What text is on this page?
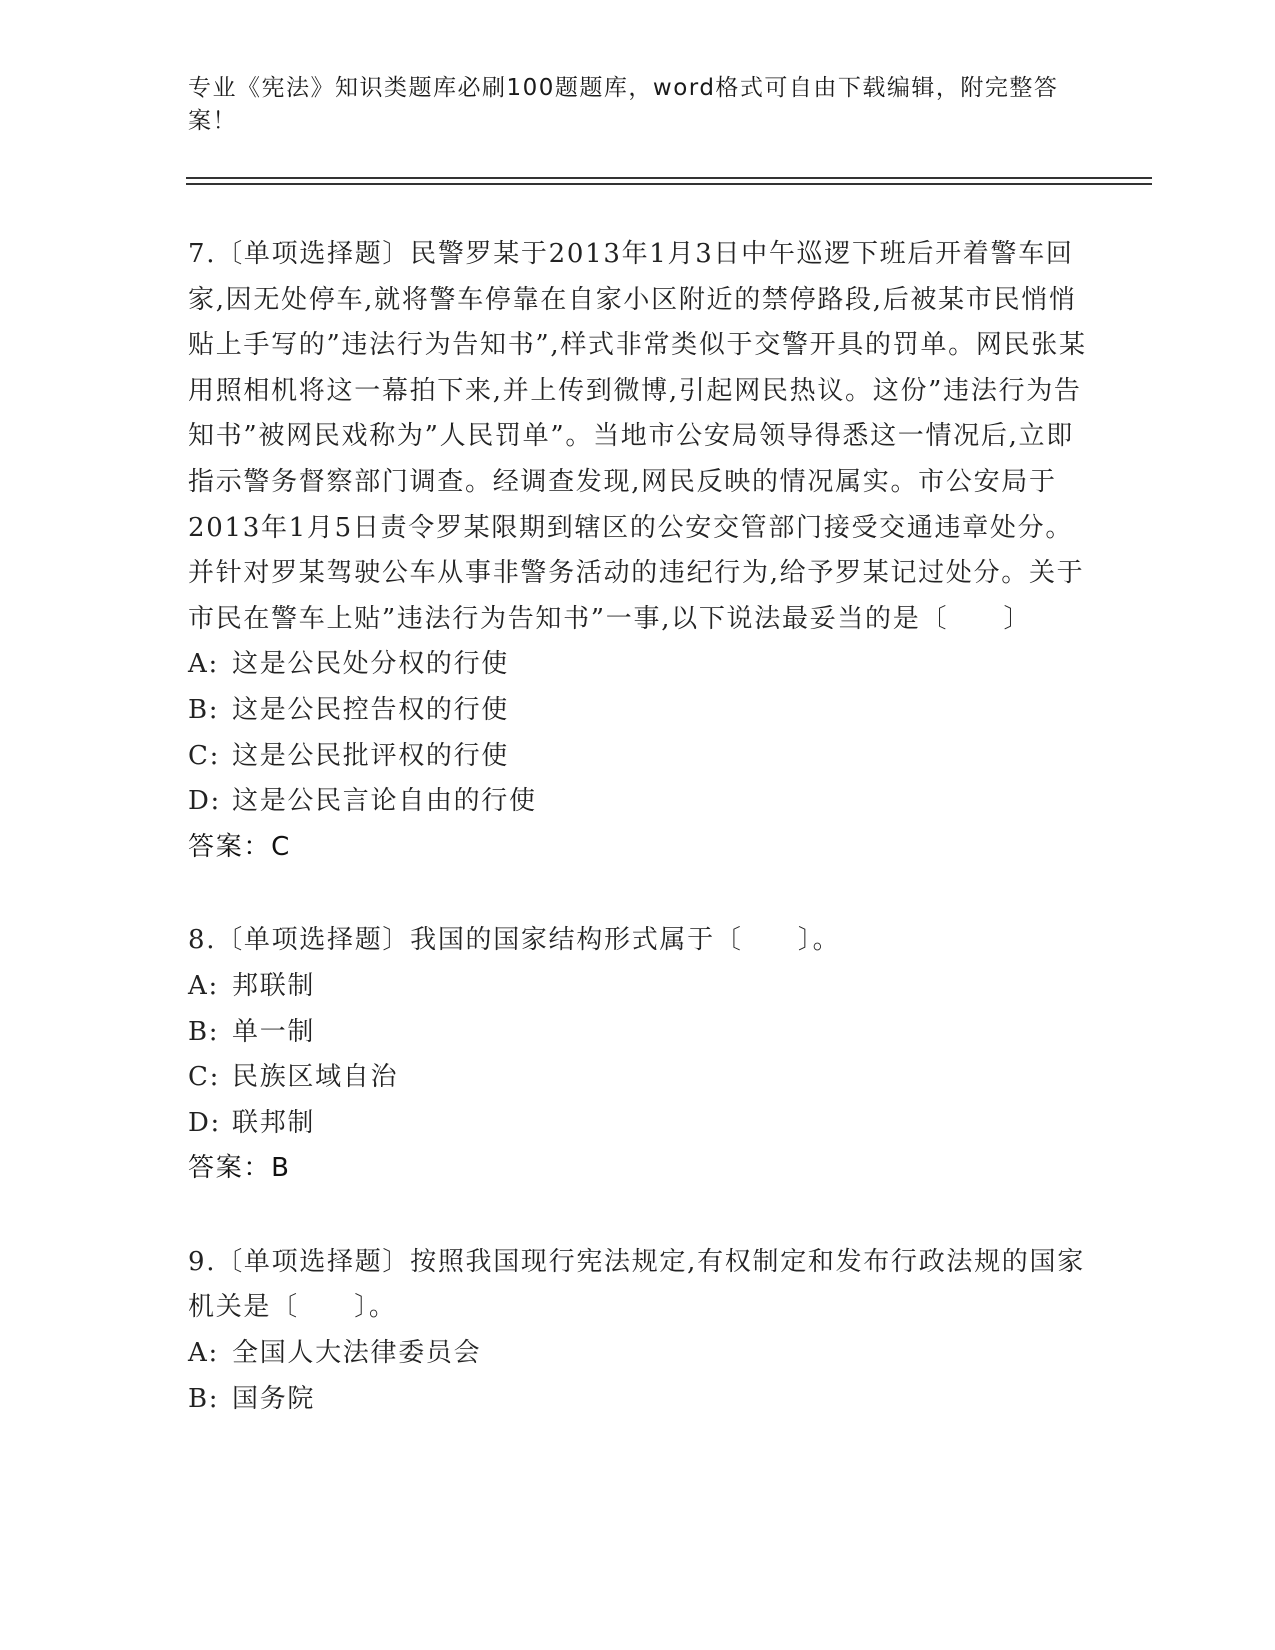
专业《宪法》知识类题库必刷100题题库，word格式可自由下载编辑，附完整答案！
7.〔单项选择题〕民警罗某于2013年1月3日中午巡逻下班后开着警车回家,因无处停车,就将警车停靠在自家小区附近的禁停路段,后被某市民悄悄贴上手写的”违法行为告知书”,样式非常类似于交警开具的罚单。网民张某用照相机将这一幕拍下来,并上传到微博,引起网民热议。这份”违法行为告知书”被网民戏称为”人民罚单”。当地市公安局领导得悉这一情况后,立即指示警务督察部门调查。经调查发现,网民反映的情况属实。市公安局于2013年1月5日责令罗某限期到辖区的公安交管部门接受交通违章处分。并针对罗某驾驶公车从事非警务活动的违纪行为,给予罗某记过处分。关于市民在警车上贴”违法行为告知书”一事,以下说法最妥当的是〔　　〕
A: 这是公民处分权的行使
B: 这是公民控告权的行使
C: 这是公民批评权的行使
D: 这是公民言论自由的行使
答案：C
8.〔单项选择题〕我国的国家结构形式属于〔　　〕。
A: 邦联制
B: 单一制
C: 民族区域自治
D: 联邦制
答案：B
9.〔单项选择题〕按照我国现行宪法规定,有权制定和发布行政法规的国家机关是〔　　〕。
A: 全国人大法律委员会
B: 国务院
